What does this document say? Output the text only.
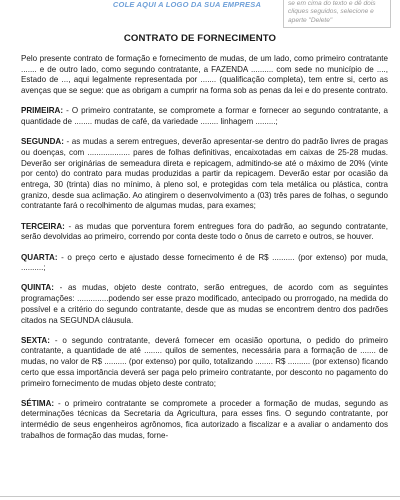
COLE AQUI A LOGO DA SUA EMPRESA	se em cima do texto e dê dois cliques seguidos, selecione e aperte "Delete"
CONTRATO DE FORNECIMENTO

Pelo presente contrato de formação e fornecimento de mudas, de um lado, como primeiro contratante ....... e de outro lado, como segundo contratante, a FAZENDA .......... com sede no município de ...., Estado de ..., aqui legalmente representada por ....... (qualificação completa), tem entre si, certo as avenças que se segue: que as obrigam a cumprir na forma sob as penas da lei e do presente contrato.

PRIMEIRA: - O primeiro contratante, se compromete a formar e fornecer ao segundo contratante, a quantidade de ........ mudas de café, da variedade ........ linhagem .........;

SEGUNDA: - as mudas a serem entregues, deverão apresentar-se dentro do padrão livres de pragas ou doenças, com ................... pares de folhas definitivas, encaixotadas em caixas de 25-28 mudas. Deverão ser originárias de semeadura direta e repicagem, admitindo-se até o máximo de 20% (vinte por cento) do contrato para mudas produzidas a partir da repicagem. Deverão estar por ocasião da entrega, 30 (trinta) dias no mínimo, à pleno sol, e protegidas com tela metálica ou plástica, contra granizo, desde sua aclimação. Ao atingirem o desenvolvimento a (03) três pares de folhas, o segundo contratante fará o recolhimento de algumas mudas, para exames;

TERCEIRA: - as mudas que porventura forem entregues fora do padrão, ao segundo contratante, serão devolvidas ao primeiro, correndo por conta deste todo o ônus de carreto e outros, se houver.

QUARTA: - o preço certo e ajustado desse fornecimento é de R$ .......... (por extenso) por muda, ..........;

QUINTA: - as mudas, objeto deste contrato, serão entregues, de acordo com as seguintes programações: ..............podendo ser esse prazo modificado, antecipado ou prorrogado, na medida do possível e a critério do segundo contratante, desde que as mudas se encontrem dentro dos padrões citados na SEGUNDA cláusula.

SEXTA: - o segundo contratante, deverá fornecer em ocasião oportuna, o pedido do primeiro contratante, a quantidade de até ........ quilos de sementes, necessária para a formação de ....... de mudas, no valor de R$ .......... (por extenso) por quilo, totalizando ........ R$ .......... (por extenso) ficando certo que essa importância deverá ser paga pelo primeiro contratante, por desconto no pagamento do primeiro fornecimento de mudas objeto deste contrato;

SÉTIMA: - o primeiro contratante se compromete a proceder a formação de mudas, segundo as determinações técnicas da Secretaria da Agricultura, para esses fins. O segundo contratante, por intermédio de seus engenheiros agrônomos, fica autorizado a fiscalizar e a avaliar o andamento dos trabalhos de formação das mudas, forne-
